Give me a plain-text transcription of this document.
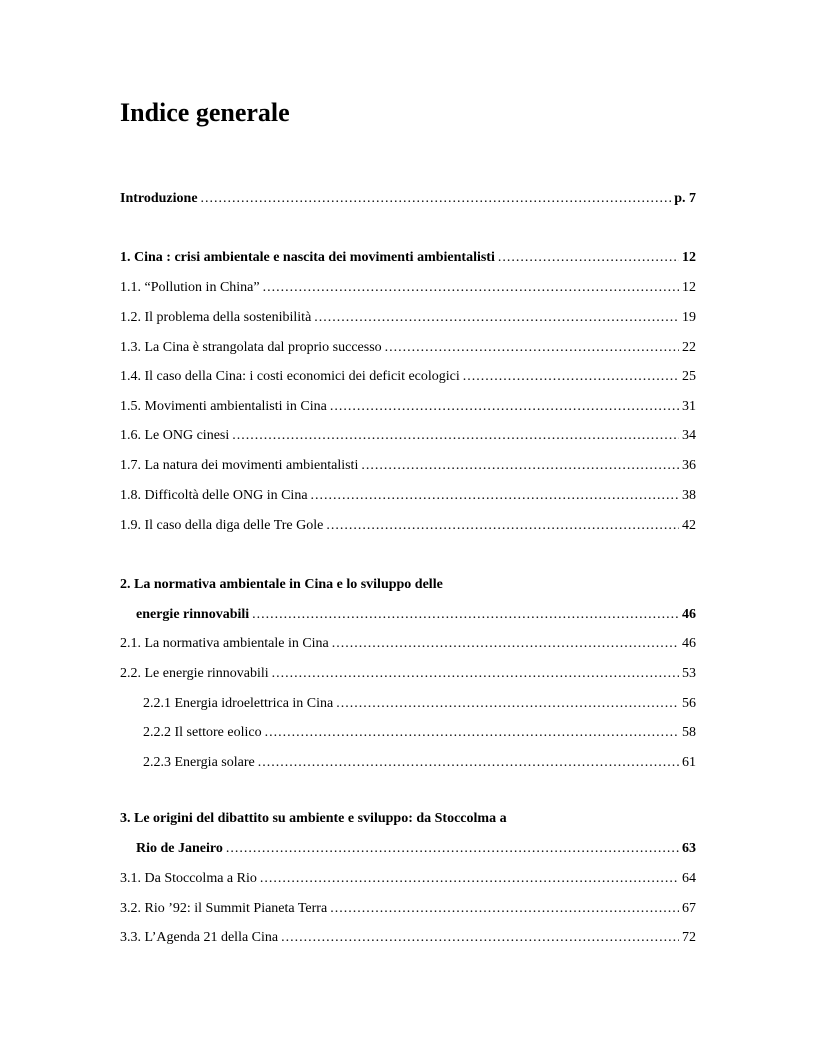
Indice generale
Introduzione .....	p. 7
1. Cina : crisi ambientale e nascita dei movimenti ambientalisti .....	12
1.1. “Pollution in China” .....	12
1.2. Il problema della sostenibilità .....	19
1.3. La Cina è strangolata dal proprio successo .....	22
1.4. Il caso della Cina: i costi economici dei deficit ecologici .....	25
1.5. Movimenti ambientalisti in Cina .....	31
1.6. Le ONG cinesi .....	34
1.7. La natura dei movimenti ambientalisti .....	36
1.8. Difficoltà delle ONG in Cina .....	38
1.9. Il caso della diga delle Tre Gole .....	42
2. La normativa ambientale in Cina e lo sviluppo delle
energie rinnovabili .....	46
2.1. La normativa ambientale in Cina .....	46
2.2. Le energie rinnovabili .....	53
2.2.1 Energia idroelettrica in Cina .....	56
2.2.2 Il settore eolico .....	58
2.2.3 Energia solare .....	61
3. Le origini del dibattito su ambiente e sviluppo: da Stoccolma a
Rio de Janeiro .....	63
3.1. Da Stoccolma a Rio .....	64
3.2. Rio ’92: il Summit Pianeta Terra .....	67
3.3. L’Agenda 21 della Cina .....	72
